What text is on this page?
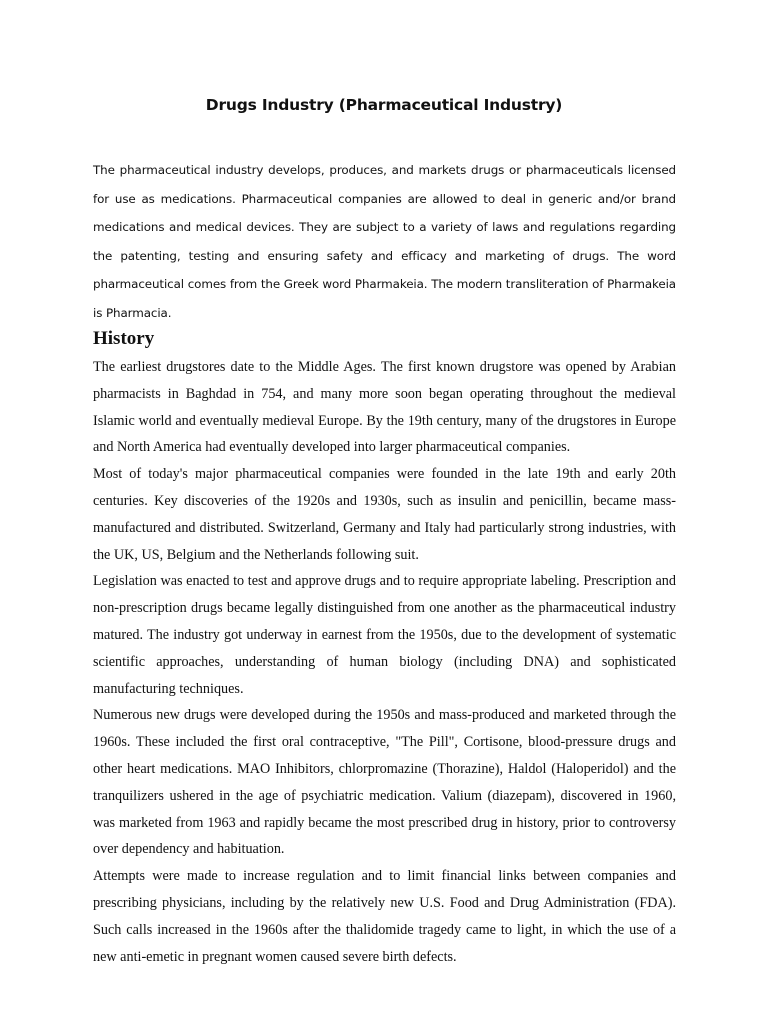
Drugs Industry (Pharmaceutical Industry)

The pharmaceutical industry develops, produces, and markets drugs or pharmaceuticals licensed for use as medications. Pharmaceutical companies are allowed to deal in generic and/or brand medications and medical devices. They are subject to a variety of laws and regulations regarding the patenting, testing and ensuring safety and efficacy and marketing of drugs. The word pharmaceutical comes from the Greek word Pharmakeia. The modern transliteration of Pharmakeia is Pharmacia.

History

The earliest drugstores date to the Middle Ages. The first known drugstore was opened by Arabian pharmacists in Baghdad in 754, and many more soon began operating throughout the medieval Islamic world and eventually medieval Europe. By the 19th century, many of the drugstores in Europe and North America had eventually developed into larger pharmaceutical companies.

Most of today's major pharmaceutical companies were founded in the late 19th and early 20th centuries. Key discoveries of the 1920s and 1930s, such as insulin and penicillin, became mass-manufactured and distributed. Switzerland, Germany and Italy had particularly strong industries, with the UK, US, Belgium and the Netherlands following suit.

Legislation was enacted to test and approve drugs and to require appropriate labeling. Prescription and non-prescription drugs became legally distinguished from one another as the pharmaceutical industry matured. The industry got underway in earnest from the 1950s, due to the development of systematic scientific approaches, understanding of human biology (including DNA) and sophisticated manufacturing techniques.

Numerous new drugs were developed during the 1950s and mass-produced and marketed through the 1960s. These included the first oral contraceptive, "The Pill", Cortisone, blood-pressure drugs and other heart medications. MAO Inhibitors, chlorpromazine (Thorazine), Haldol (Haloperidol) and the tranquilizers ushered in the age of psychiatric medication. Valium (diazepam), discovered in 1960, was marketed from 1963 and rapidly became the most prescribed drug in history, prior to controversy over dependency and habituation.

Attempts were made to increase regulation and to limit financial links between companies and prescribing physicians, including by the relatively new U.S. Food and Drug Administration (FDA). Such calls increased in the 1960s after the thalidomide tragedy came to light, in which the use of a new anti-emetic in pregnant women caused severe birth defects.
